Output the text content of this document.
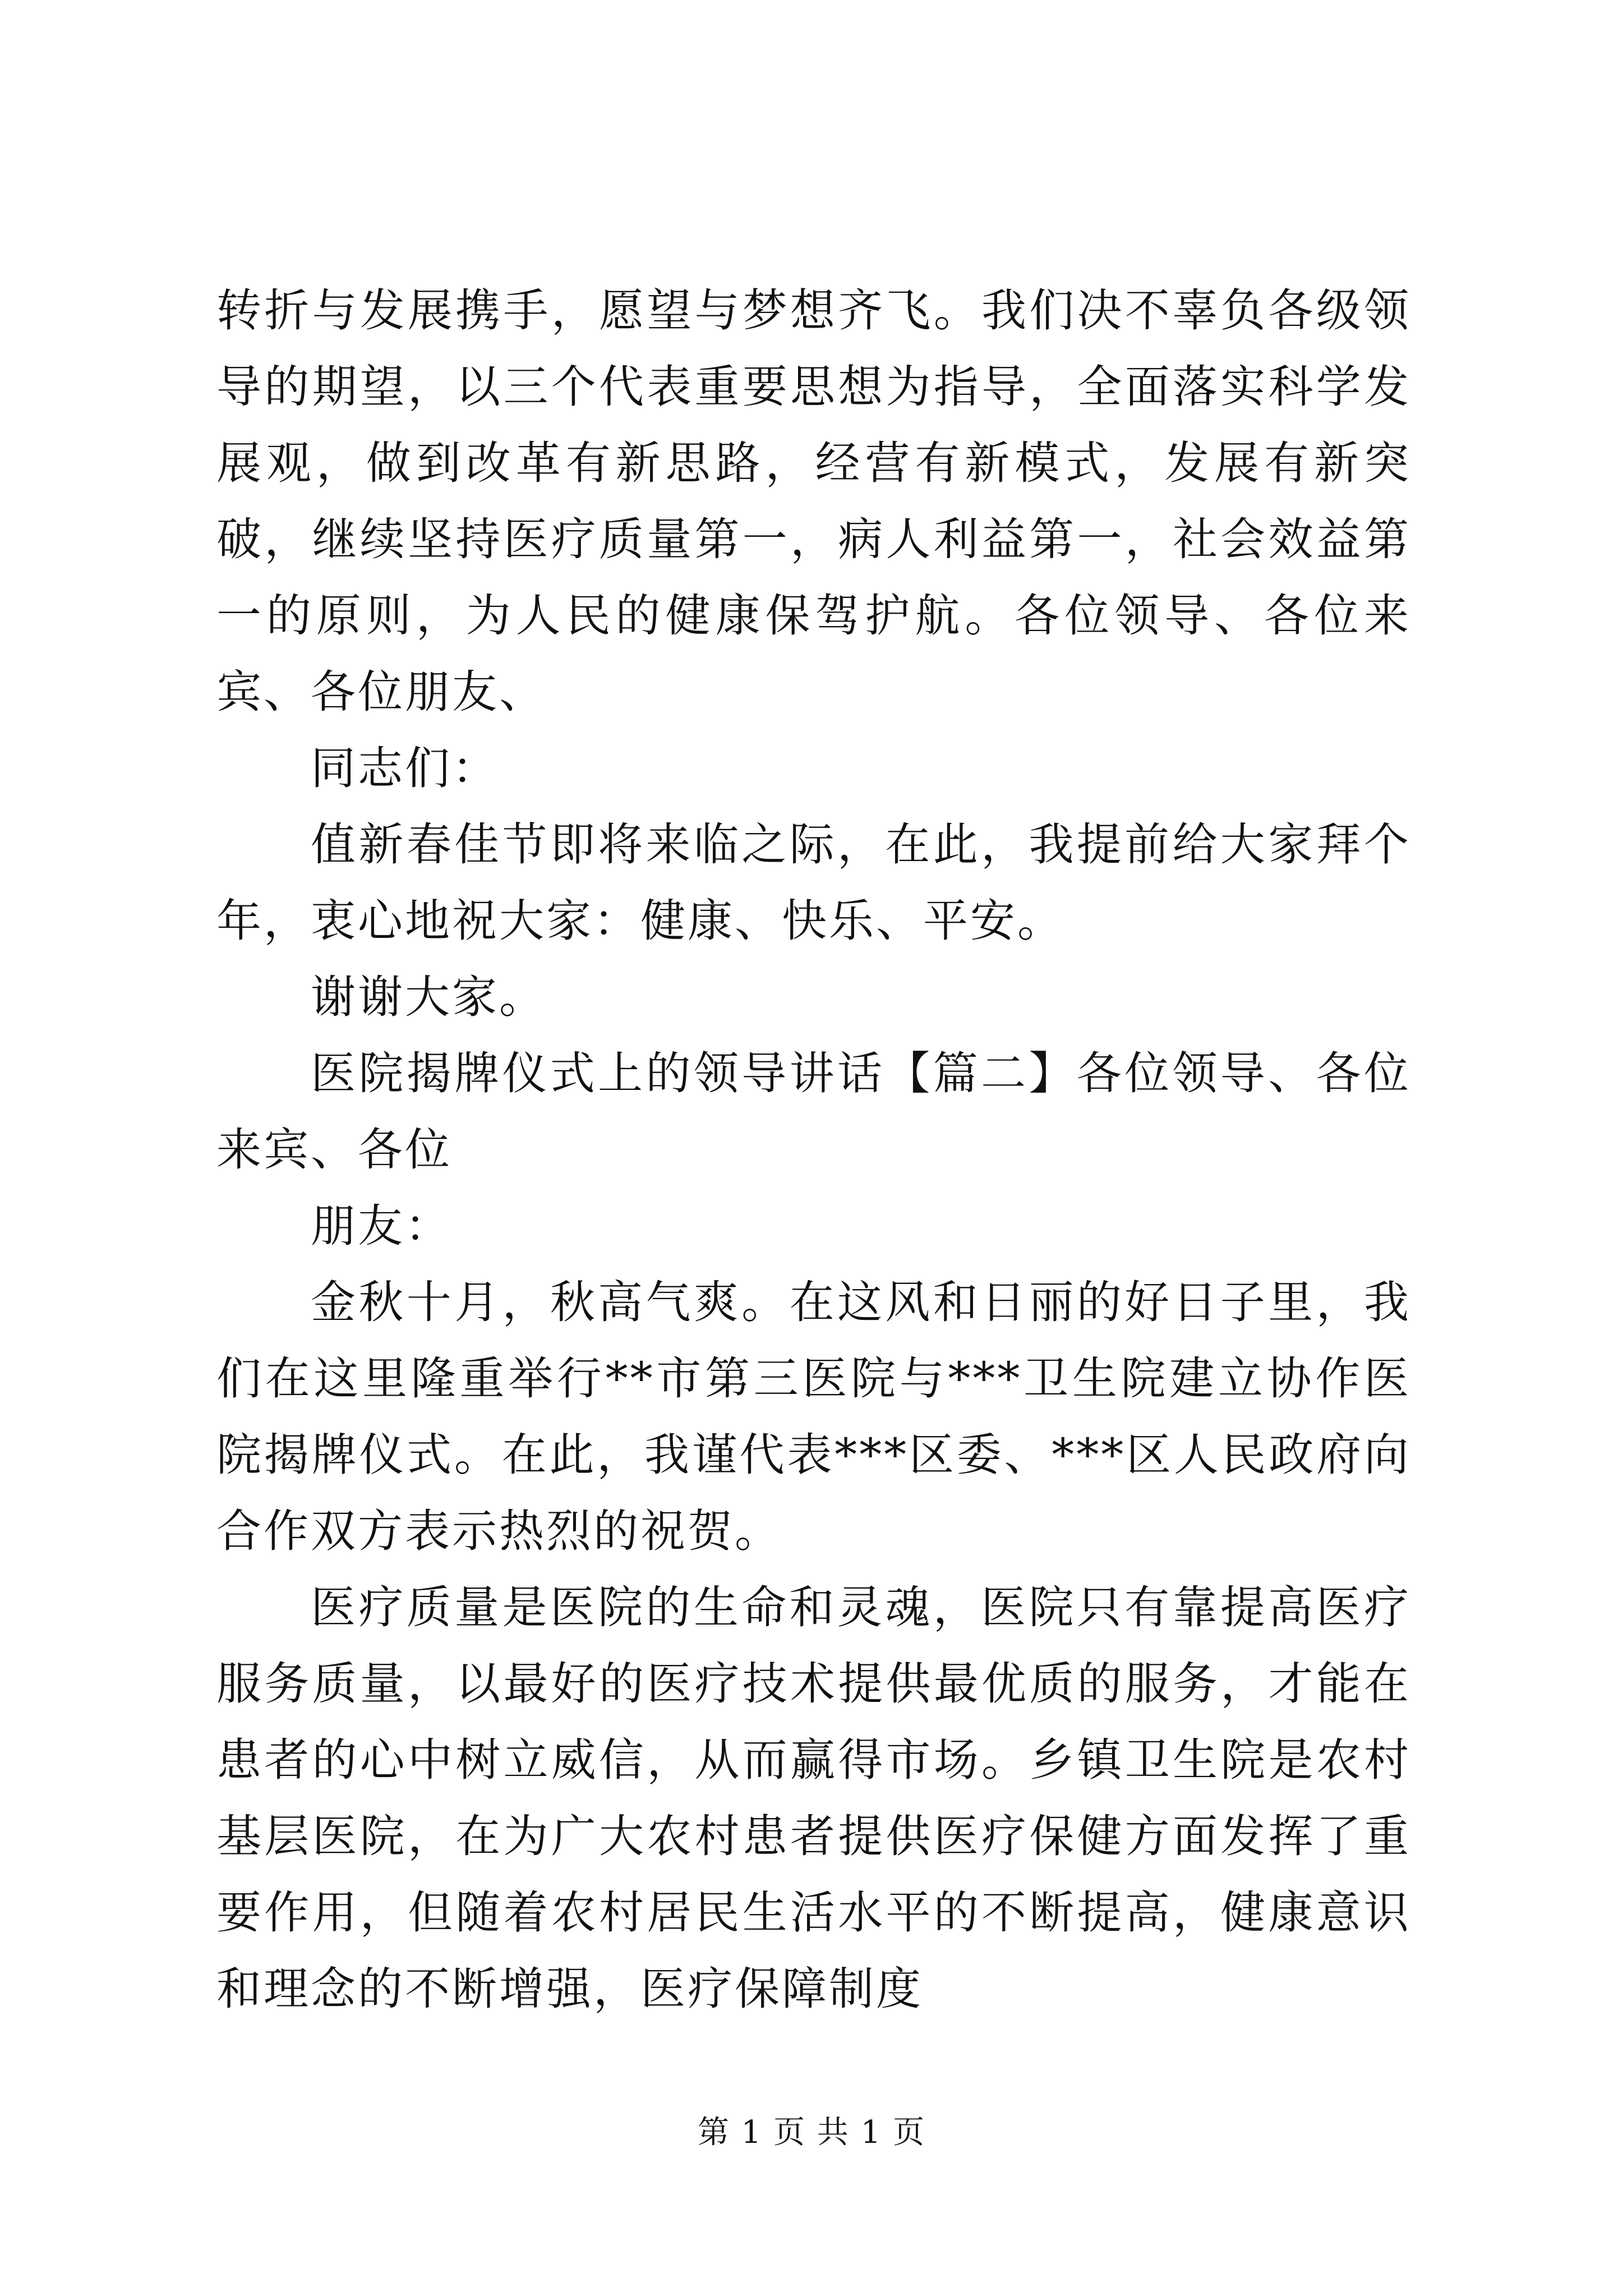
转折与发展携手，愿望与梦想齐飞。我们决不辜负各级领导的期望，以三个代表重要思想为指导，全面落实科学发展观，做到改革有新思路，经营有新模式，发展有新突破，继续坚持医疗质量第一，病人利益第一，社会效益第一的原则，为人民的健康保驾护航。各位领导、各位来宾、各位朋友、

同志们：

值新春佳节即将来临之际，在此，我提前给大家拜个年，衷心地祝大家：健康、快乐、平安。

谢谢大家。

医院揭牌仪式上的领导讲话【篇二】各位领导、各位来宾、各位

朋友：

金秋十月，秋高气爽。在这风和日丽的好日子里，我们在这里隆重举行**市第三医院与***卫生院建立协作医院揭牌仪式。在此，我谨代表***区委、***区人民政府向合作双方表示热烈的祝贺。

医疗质量是医院的生命和灵魂，医院只有靠提高医疗服务质量，以最好的医疗技术提供最优质的服务，才能在患者的心中树立威信，从而赢得市场。乡镇卫生院是农村基层医院，在为广大农村患者提供医疗保健方面发挥了重要作用，但随着农村居民生活水平的不断提高，健康意识和理念的不断增强，医疗保障制度

第 1 页 共 1 页
